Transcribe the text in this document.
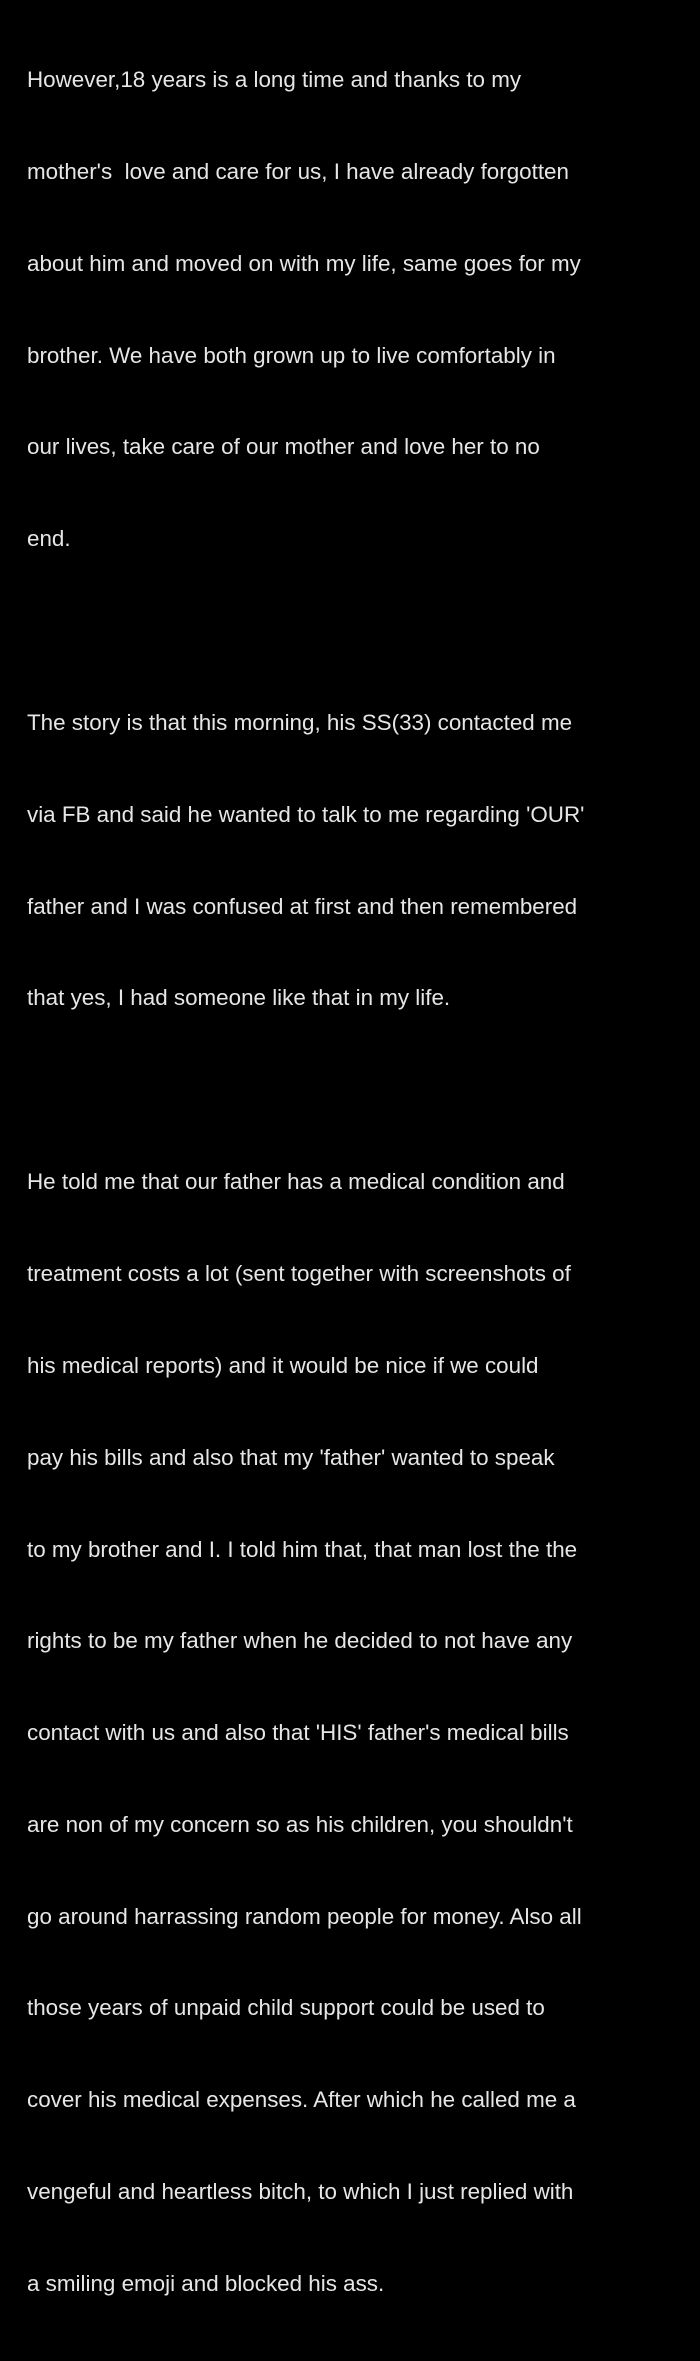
However,18 years is a long time and thanks to my

mother's  love and care for us, I have already forgotten

about him and moved on with my life, same goes for my

brother. We have both grown up to live comfortably in

our lives, take care of our mother and love her to no

end.

The story is that this morning, his SS(33) contacted me

via FB and said he wanted to talk to me regarding 'OUR'

father and I was confused at first and then remembered

that yes, I had someone like that in my life.

He told me that our father has a medical condition and

treatment costs a lot (sent together with screenshots of

his medical reports) and it would be nice if we could

pay his bills and also that my 'father' wanted to speak

to my brother and I. I told him that, that man lost the the

rights to be my father when he decided to not have any

contact with us and also that 'HIS' father's medical bills

are non of my concern so as his children, you shouldn't

go around harrassing random people for money. Also all

those years of unpaid child support could be used to

cover his medical expenses. After which he called me a

vengeful and heartless bitch, to which I just replied with

a smiling emoji and blocked his ass.
